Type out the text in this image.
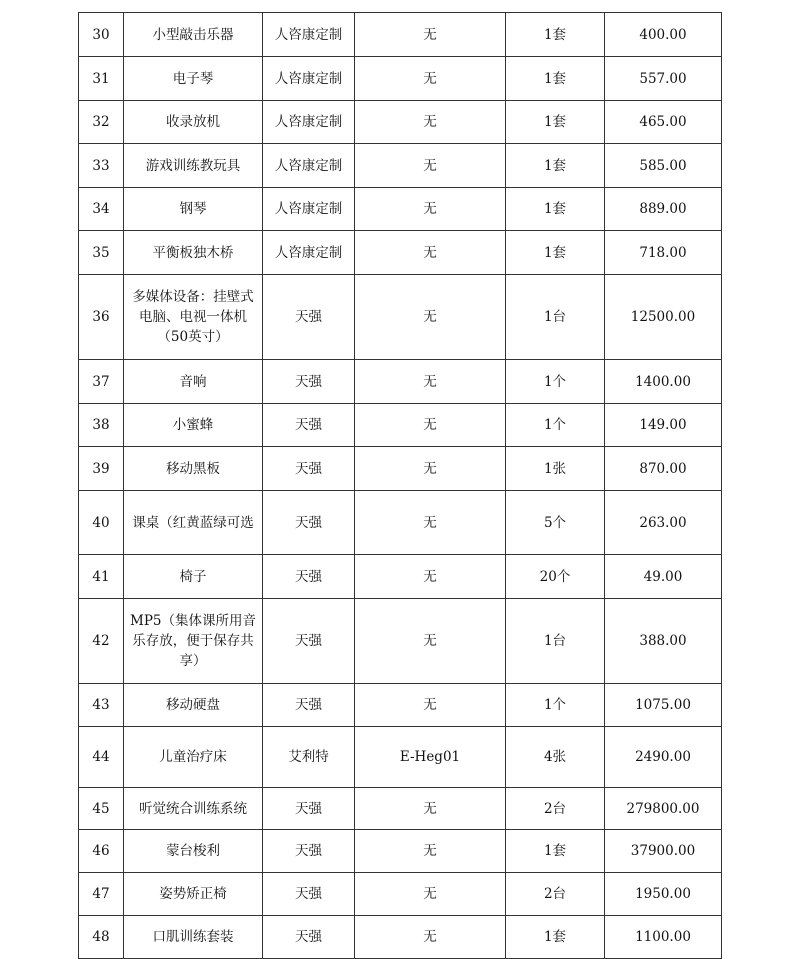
30	小型敲击乐器	人咨康定制	无	1套	400.00
31	电子琴	人咨康定制	无	1套	557.00
32	收录放机	人咨康定制	无	1套	465.00
33	游戏训练教玩具	人咨康定制	无	1套	585.00
34	钢琴	人咨康定制	无	1套	889.00
35	平衡板独木桥	人咨康定制	无	1套	718.00
36	多媒体设备：挂壁式电脑、电视一体机（50英寸）	天强	无	1台	12500.00
37	音响	天强	无	1个	1400.00
38	小蜜蜂	天强	无	1个	149.00
39	移动黑板	天强	无	1张	870.00
40	课桌（红黄蓝绿可选	天强	无	5个	263.00
41	椅子	天强	无	20个	49.00
42	MP5（集体课所用音乐存放，便于保存共享）	天强	无	1台	388.00
43	移动硬盘	天强	无	1个	1075.00
44	儿童治疗床	艾利特	E-Heg01	4张	2490.00
45	听觉统合训练系统	天强	无	2台	279800.00
46	蒙台梭利	天强	无	1套	37900.00
47	姿势矫正椅	天强	无	2台	1950.00
48	口肌训练套装	天强	无	1套	1100.00
